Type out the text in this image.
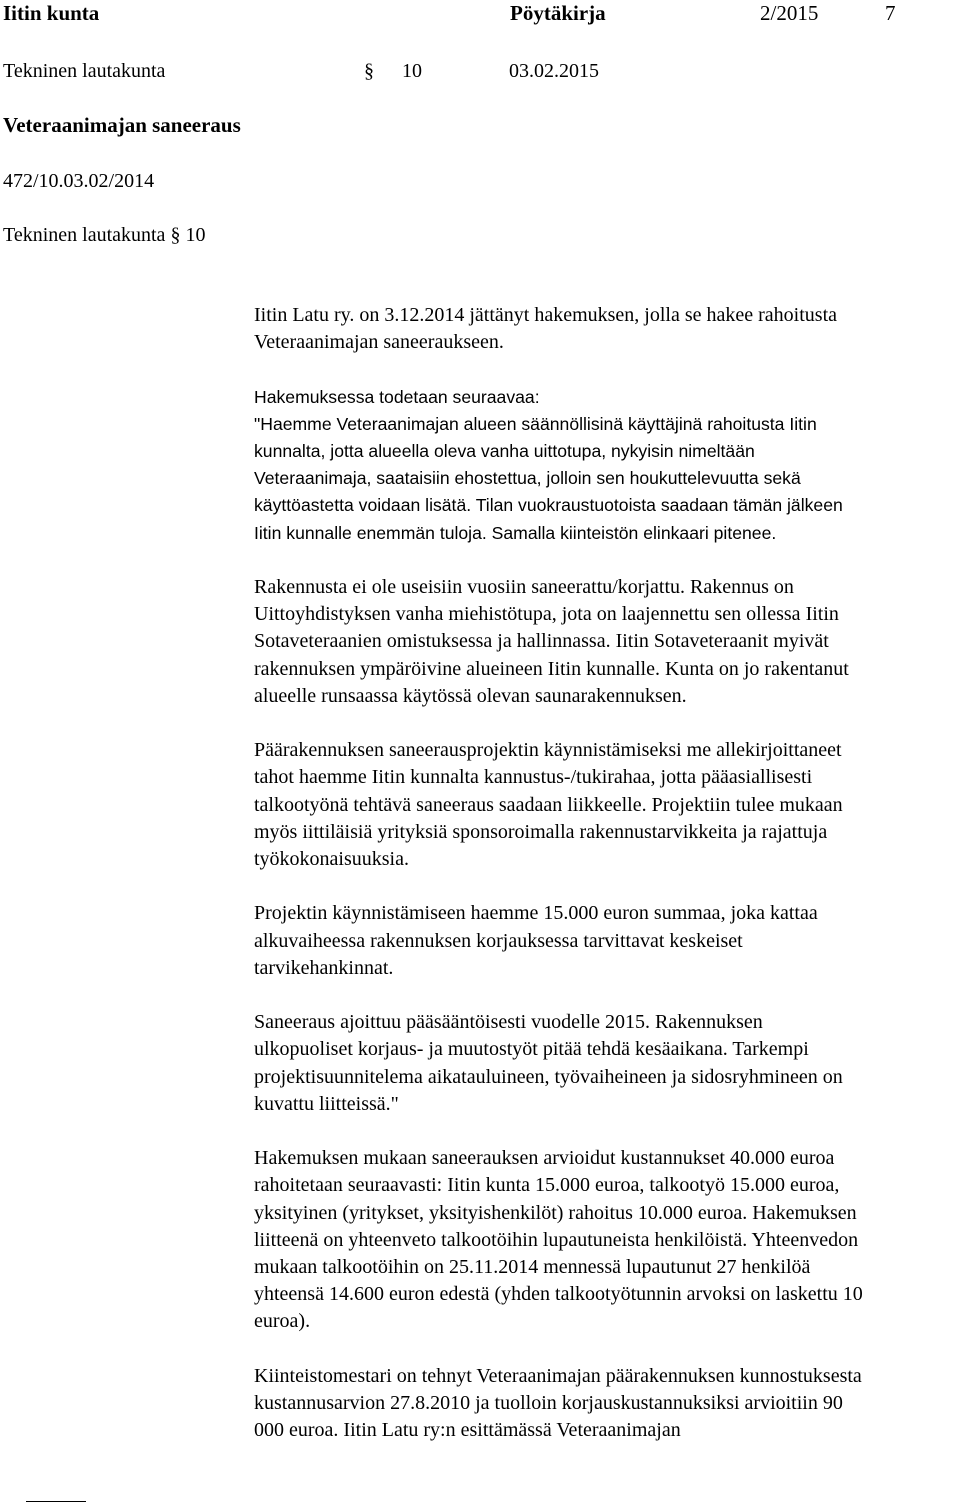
Iitin kunta	Pöytäkirja	2/2015	7
Tekninen lautakunta	§ 10	03.02.2015
Veteraanimajan saneeraus
472/10.03.02/2014
Tekninen lautakunta § 10

Iitin Latu ry. on 3.12.2014 jättänyt hakemuksen, jolla se hakee rahoitusta
Veteraanimajan saneeraukseen.

Hakemuksessa todetaan seuraavaa:
"Haemme Veteraanimajan alueen säännöllisinä käyttäjinä rahoitusta Iitin
kunnalta, jotta alueella oleva vanha uittotupa, nykyisin nimeltään
Veteraanimaja, saataisiin ehostettua, jolloin sen houkuttelevuutta sekä
käyttöastetta voidaan lisätä. Tilan vuokraustuotoista saadaan tämän jälkeen
Iitin kunnalle enemmän tuloja. Samalla kiinteistön elinkaari pitenee.

Rakennusta ei ole useisiin vuosiin saneerattu/korjattu. Rakennus on
Uittoyhdistyksen vanha miehistötupa, jota on laajennettu sen ollessa Iitin
Sotaveteraanien omistuksessa ja hallinnassa. Iitin Sotaveteraanit myivät
rakennuksen ympäröivine alueineen Iitin kunnalle. Kunta on jo rakentanut
alueelle runsaassa käytössä olevan saunarakennuksen.

Päärakennuksen saneerausprojektin käynnistämiseksi me allekirjoittaneet
tahot haemme Iitin kunnalta kannustus-/tukirahaa, jotta pääasiallisesti
talkootyönä tehtävä saneeraus saadaan liikkeelle. Projektiin tulee mukaan
myös iittiläisiä yrityksiä sponsoroimalla rakennustarvikkeita ja rajattuja
työkokonaisuuksia.

Projektin käynnistämiseen haemme 15.000 euron summaa, joka kattaa
alkuvaiheessa rakennuksen korjauksessa tarvittavat keskeiset
tarvikehankinnat.

Saneeraus ajoittuu pääsääntöisesti vuodelle 2015. Rakennuksen
ulkopuoliset korjaus- ja muutostyöt pitää tehdä kesäaikana. Tarkempi
projektisuunnitelema aikatauluineen, työvaiheineen ja sidosryhmineen on
kuvattu liitteissä."

Hakemuksen mukaan saneerauksen arvioidut kustannukset 40.000 euroa
rahoitetaan seuraavasti: Iitin kunta 15.000 euroa, talkootyö 15.000 euroa,
yksityinen (yritykset, yksityishenkilöt) rahoitus 10.000 euroa. Hakemuksen
liitteenä on yhteenveto talkootöihin lupautuneista henkilöistä. Yhteenvedon
mukaan talkootöihin on 25.11.2014 mennessä lupautunut 27 henkilöä
yhteensä 14.600 euron edestä (yhden talkootyötunnin arvoksi on laskettu 10
euroa).

Kiinteistomestari on tehnyt Veteraanimajan päärakennuksen kunnostuksesta
kustannusarvion 27.8.2010 ja tuolloin korjauskustannuksiksi arvioitiin 90
000 euroa. Iitin Latu ry:n esittämässä Veteraanimajan
